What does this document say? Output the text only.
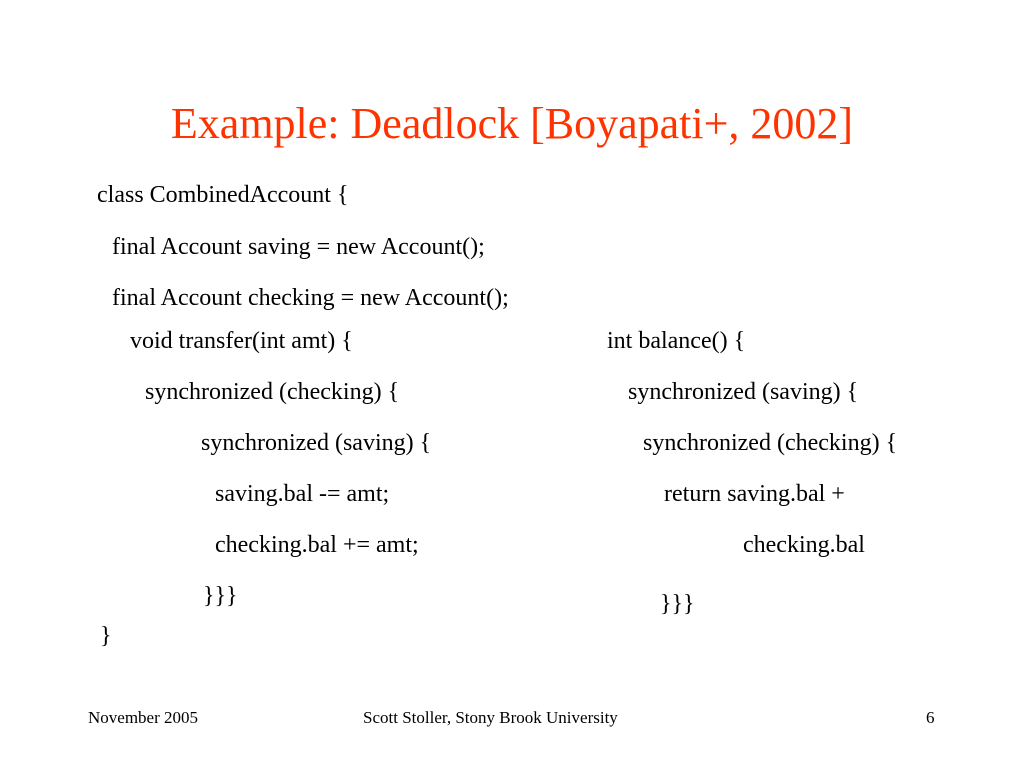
Example: Deadlock [Boyapati+, 2002]
class CombinedAccount {
final Account saving = new Account();
final Account checking = new Account();
void transfer(int amt) {
synchronized (checking) {
synchronized (saving) {
saving.bal -= amt;
checking.bal += amt;
}}}
int balance() {
synchronized (saving) {
synchronized (checking) {
return saving.bal +
checking.bal
}}}
}
November 2005	Scott Stoller, Stony Brook University	6
